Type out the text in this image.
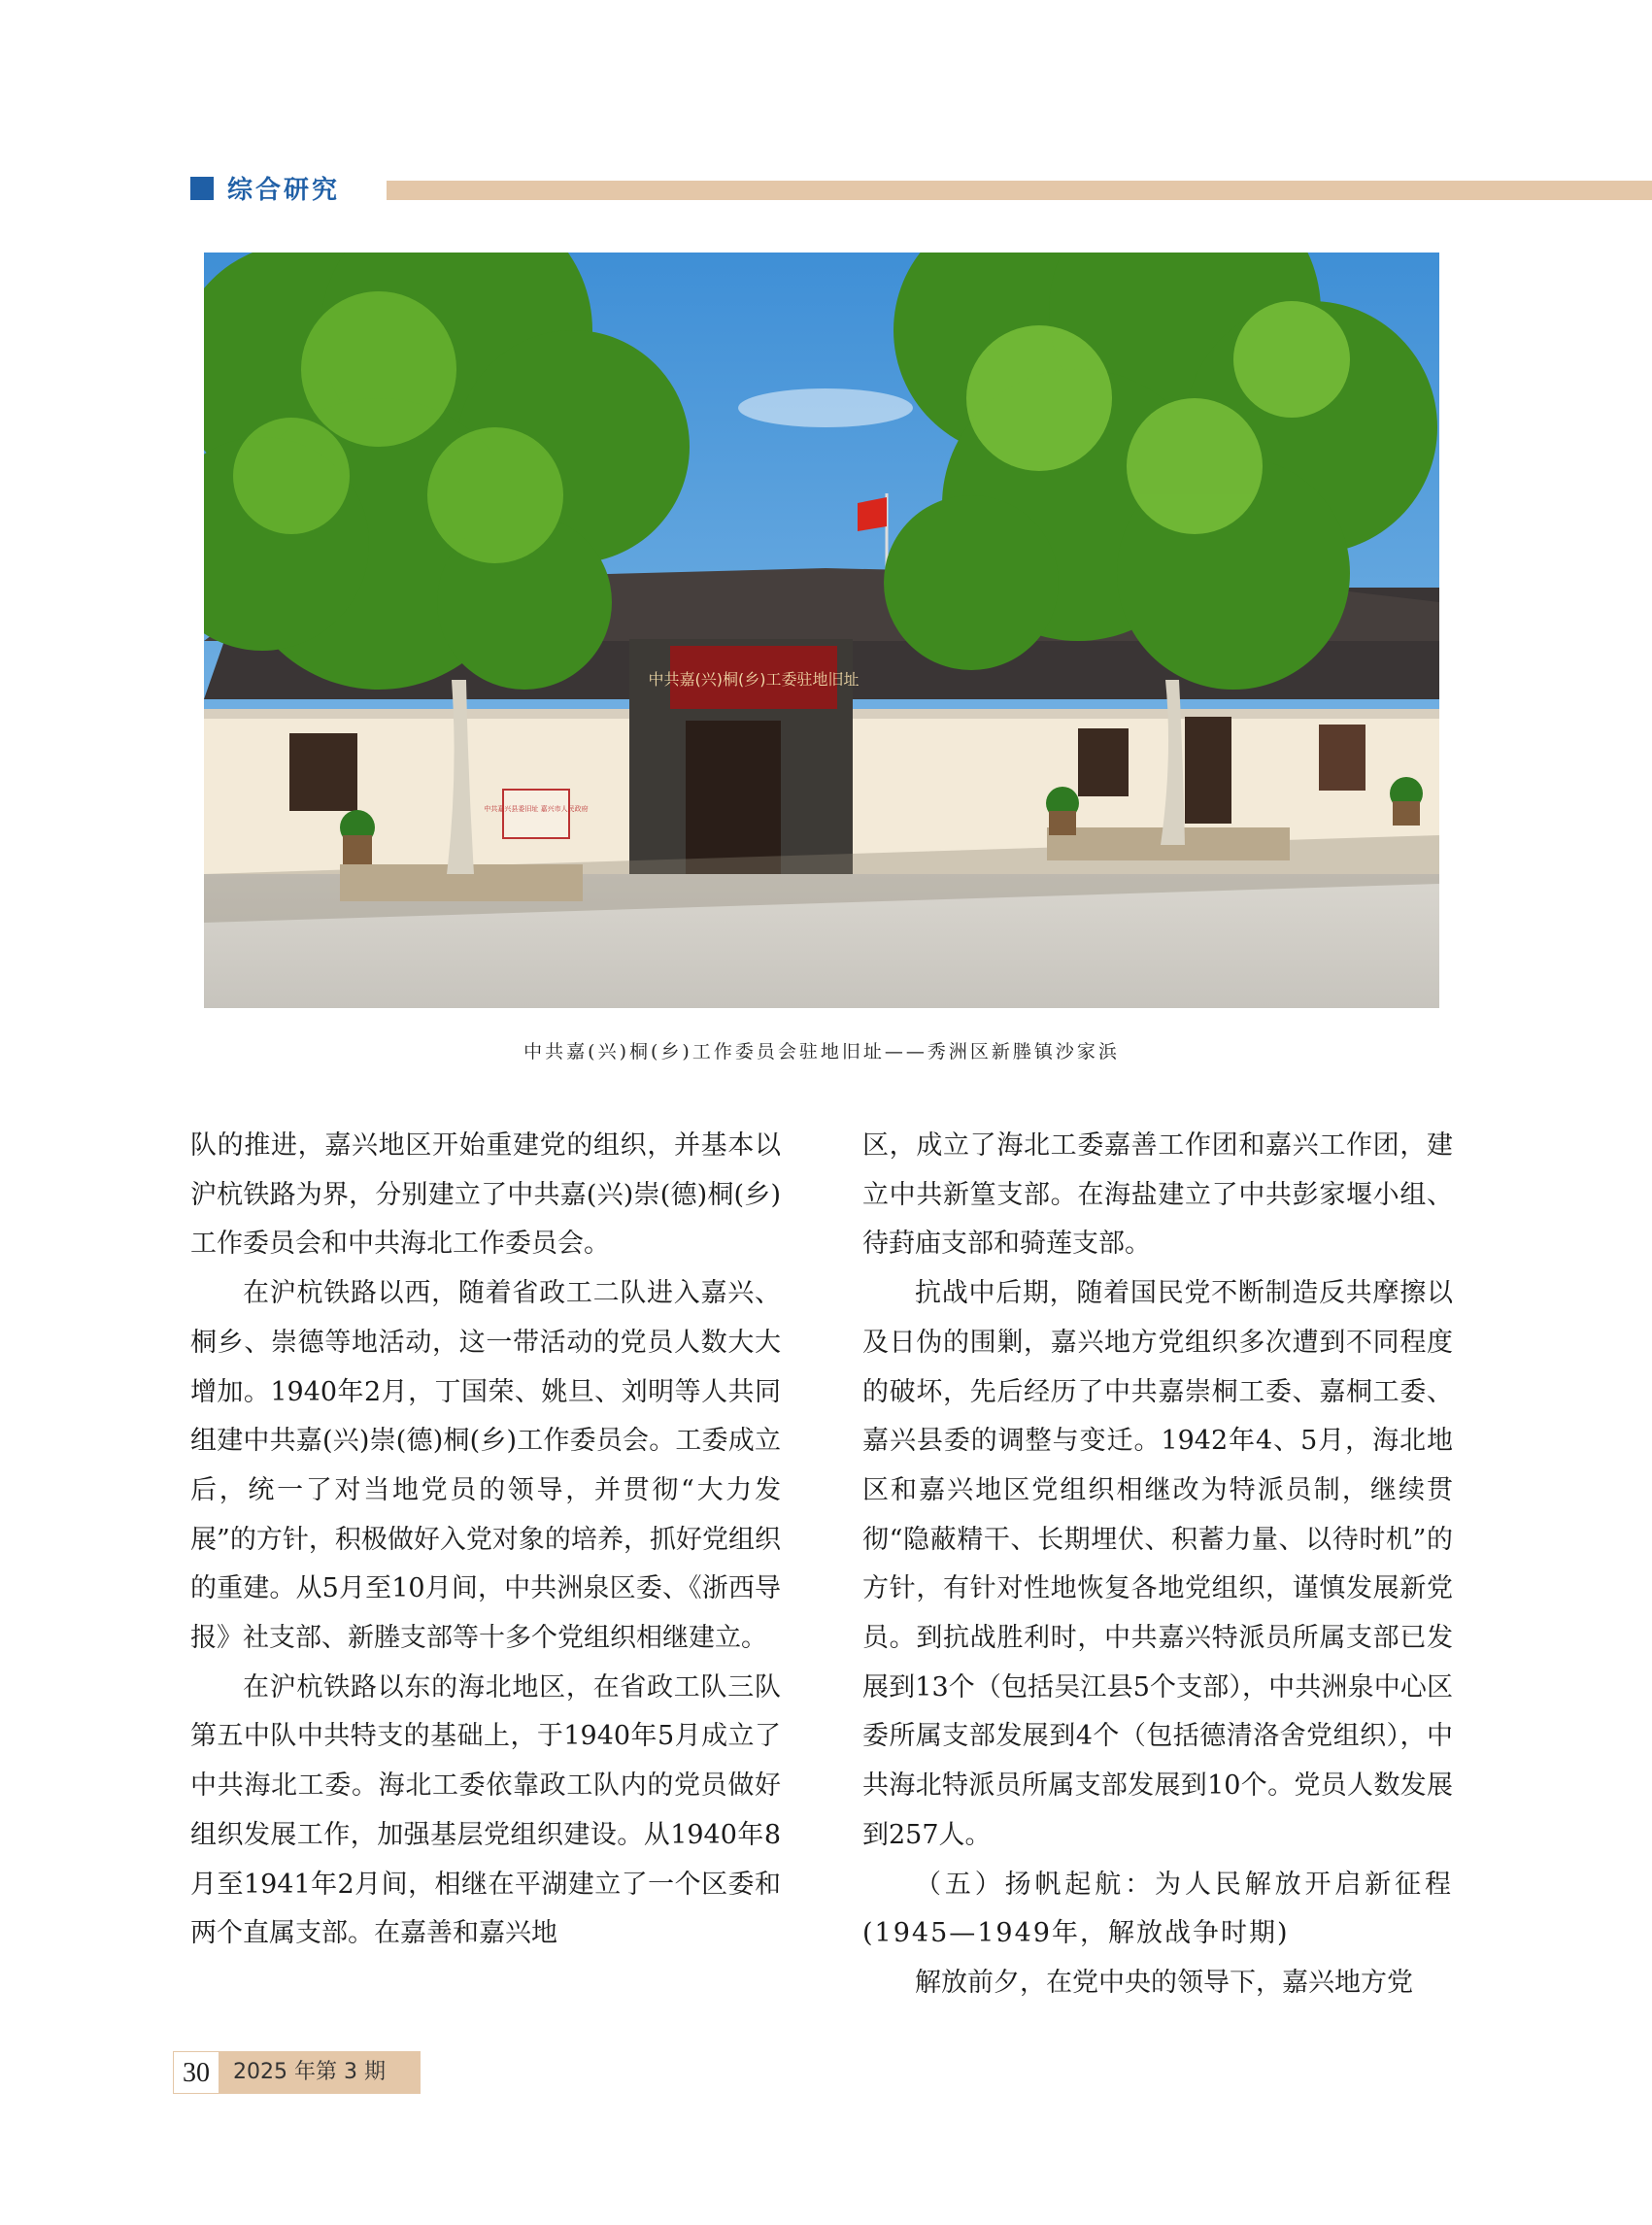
综合研究
中共嘉(兴)桐(乡)工委驻地旧址
中共嘉兴县委旧址 嘉兴市人民政府
中共嘉(兴)桐(乡)工作委员会驻地旧址——秀洲区新塍镇沙家浜

队的推进，嘉兴地区开始重建党的组织，并基本以沪杭铁路为界，分别建立了中共嘉(兴)崇(德)桐(乡)工作委员会和中共海北工作委员会。

在沪杭铁路以西，随着省政工二队进入嘉兴、桐乡、崇德等地活动，这一带活动的党员人数大大增加。1940年2月，丁国荣、姚旦、刘明等人共同组建中共嘉(兴)崇(德)桐(乡)工作委员会。工委成立后，统一了对当地党员的领导，并贯彻“大力发展”的方针，积极做好入党对象的培养，抓好党组织的重建。从5月至10月间，中共洲泉区委、《浙西导报》社支部、新塍支部等十多个党组织相继建立。

在沪杭铁路以东的海北地区，在省政工队三队第五中队中共特支的基础上，于1940年5月成立了中共海北工委。海北工委依靠政工队内的党员做好组织发展工作，加强基层党组织建设。从1940年8月至1941年2月间，相继在平湖建立了一个区委和两个直属支部。在嘉善和嘉兴地

区，成立了海北工委嘉善工作团和嘉兴工作团，建立中共新篁支部。在海盐建立了中共彭家堰小组、待葑庙支部和骑莲支部。

抗战中后期，随着国民党不断制造反共摩擦以及日伪的围剿，嘉兴地方党组织多次遭到不同程度的破坏，先后经历了中共嘉崇桐工委、嘉桐工委、嘉兴县委的调整与变迁。1942年4、5月，海北地区和嘉兴地区党组织相继改为特派员制，继续贯彻“隐蔽精干、长期埋伏、积蓄力量、以待时机”的方针，有针对性地恢复各地党组织，谨慎发展新党员。到抗战胜利时，中共嘉兴特派员所属支部已发展到13个（包括吴江县5个支部），中共洲泉中心区委所属支部发展到4个（包括德清洛舍党组织），中共海北特派员所属支部发展到10个。党员人数发展到257人。

（五）扬帆起航：为人民解放开启新征程(1945—1949年，解放战争时期)

解放前夕，在党中央的领导下，嘉兴地方党

30	2025 年第 3 期
